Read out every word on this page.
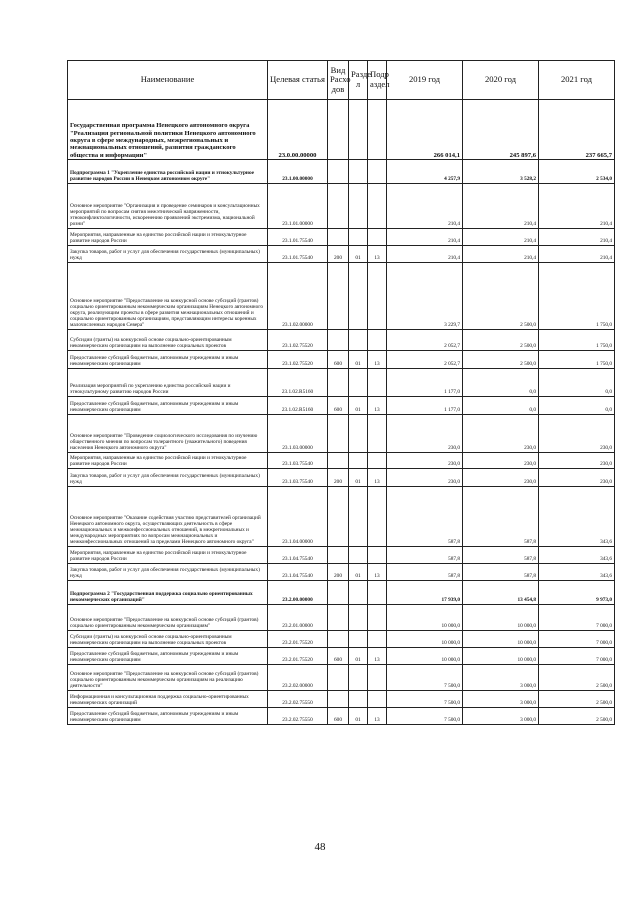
Наименование	Целевая статья	Вид Расхо дов	Разде л	Подр аздел	2019 год	2020 год	2021 год
Государственная программа Ненецкого автономного округа "Реализация региональной политики Ненецкого автономного округа в сфере международных, межрегиональных и межнациональных отношений, развития гражданского общества и информации"	23.0.00.00000				266 014,1	245 897,6	237 665,7
Подпрограмма 1 "Укрепление единства российской нации и этнокультурное развитие народов России в Ненецком автономном округе"	23.1.00.00000				4 257,9	3 528,2	2 534,0
Основное мероприятие "Организация и проведение семинаров и консультационных мероприятий по вопросам снятия межэтнической напряженности, этноконфликтологичности, искоренению проявлений экстремизма, национальной розни"	23.1.01.00000				210,4	210,4	210,4
Мероприятия, направленные на единство российской нации и этнокультурное развитие народов России	23.1.01.75540				210,4	210,4	210,4
Закупка товаров, работ и услуг для обеспечения государственных (муниципальных) нужд	23.1.01.75540	200	01	13	210,4	210,4	210,4
Основное мероприятие "Предоставление на конкурсной основе субсидий (грантов) социально ориентированным некоммерческим организациям Ненецкого автономного округа, реализующим проекты в сфере развития межнациональных отношений и социально ориентированным организациям, представляющим интересы коренных малочисленных народов Севера"	23.1.02.00000				3 229,7	2 500,0	1 750,0
Субсидии (гранты) на конкурсной основе социально-ориентированным некоммерческим организациям на выполнение социальных проектов	23.1.02.75520				2 052,7	2 500,0	1 750,0
Предоставление субсидий бюджетным, автономным учреждениям и иным некоммерческим организациям	23.1.02.75520	600	01	13	2 052,7	2 500,0	1 750,0
Реализация мероприятий по укреплению единства российской нации и этнокультурному развитию народов России	23.1.02.R5160				1 177,0	0,0	0,0
Предоставление субсидий бюджетным, автономным учреждениям и иным некоммерческим организациям	23.1.02.R5160	600	01	13	1 177,0	0,0	0,0
Основное мероприятие "Проведение социологического исследования по изучению общественного мнения по вопросам толерантного (уважительного) поведения населения Ненецкого автономного округа"	23.1.03.00000				230,0	230,0	230,0
Мероприятия, направленные на единство российской нации и этнокультурное развитие народов России	23.1.03.75540				230,0	230,0	230,0
Закупка товаров, работ и услуг для обеспечения государственных (муниципальных) нужд	23.1.03.75540	200	01	13	230,0	230,0	230,0
Основное мероприятие "Оказание содействия участию представителей организаций Ненецкого автономного округа, осуществляющих деятельность в сфере межнациональных и межконфессиональных отношений, в межрегиональных и международных мероприятиях по вопросам межнациональных и межконфессиональных отношений за пределами Ненецкого автономного округа"	23.1.04.00000				587,8	587,8	343,6
Мероприятия, направленные на единство российской нации и этнокультурное развитие народов России	23.1.04.75540				587,8	587,8	343,6
Закупка товаров, работ и услуг для обеспечения государственных (муниципальных) нужд	23.1.04.75540	200	01	13	587,8	587,8	343,6
Подпрограмма 2 "Государственная поддержка социально ориентированных некоммерческих организаций"	23.2.00.00000				17 939,0	13 454,8	9 973,0
Основное мероприятие "Предоставление на конкурсной основе субсидий (грантов) социально ориентированным некоммерческим организациям"	23.2.01.00000				10 000,0	10 000,0	7 000,0
Субсидии (гранты) на конкурсной основе социально-ориентированным некоммерческим организациям на выполнение социальных проектов	23.2.01.75520				10 000,0	10 000,0	7 000,0
Предоставление субсидий бюджетным, автономным учреждениям и иным некоммерческим организациям	23.2.01.75520	600	01	13	10 000,0	10 000,0	7 000,0
Основное мероприятие "Предоставление на конкурсной основе субсидий (грантов) социально ориентированным некоммерческим организациям на реализацию деятельности"	23.2.02.00000				7 500,0	3 000,0	2 500,0
Информационная и консультационная поддержка социально-ориентированных некоммерческих организаций	23.2.02.75550				7 500,0	3 000,0	2 500,0
Предоставление субсидий бюджетным, автономным учреждениям и иным некоммерческим организациям	23.2.02.75550	600	01	13	7 500,0	3 000,0	2 500,0
48
